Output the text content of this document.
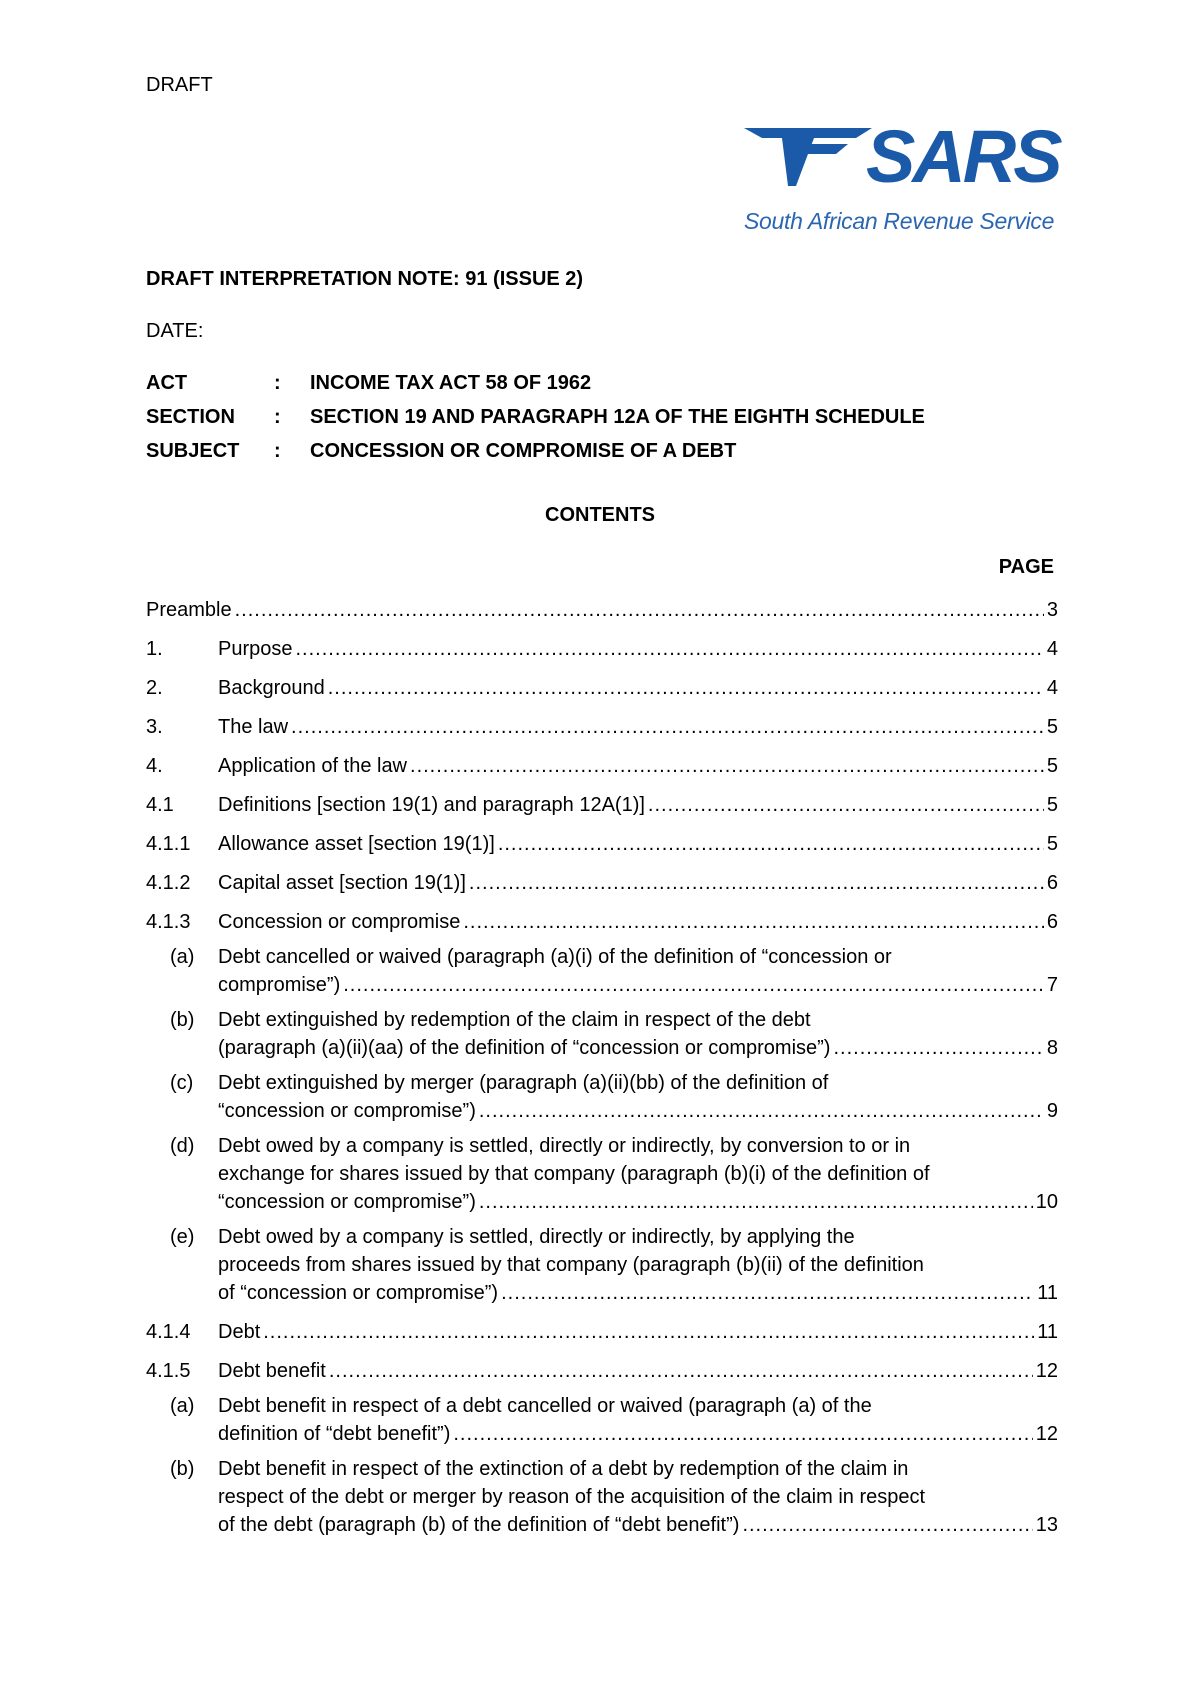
DRAFT
SARS
South African Revenue Service
DRAFT INTERPRETATION NOTE: 91 (ISSUE 2)
DATE:
ACT	: INCOME TAX ACT 58 OF 1962
SECTION : SECTION 19 AND PARAGRAPH 12A OF THE EIGHTH SCHEDULE
SUBJECT : CONCESSION OR COMPROMISE OF A DEBT
CONTENTS
PAGE
Preamble .....	3
1.	Purpose .....	4
2.	Background .....	4
3.	The law .....	5
4.	Application of the law .....	5
4.1 Definitions [section 19(1) and paragraph 12A(1)] .....	5
4.1.1 Allowance asset [section 19(1)] .....	5
4.1.2 Capital asset [section 19(1)] .....	6
4.1.3 Concession or compromise .....	6
(a) Debt cancelled or waived (paragraph (a)(i) of the definition of “concession or
compromise”) .....	7
(b) Debt extinguished by redemption of the claim in respect of the debt
(paragraph (a)(ii)(aa) of the definition of “concession or compromise”) .....	8
(c) Debt extinguished by merger (paragraph (a)(ii)(bb) of the definition of
“concession or compromise”) .....	9
(d) Debt owed by a company is settled, directly or indirectly, by conversion to or in
exchange for shares issued by that company (paragraph (b)(i) of the definition of
“concession or compromise”) .....	10
(e) Debt owed by a company is settled, directly or indirectly, by applying the
proceeds from shares issued by that company (paragraph (b)(ii) of the definition
of “concession or compromise”) .....	11
4.1.4 Debt .....	11
4.1.5 Debt benefit .....	12
(a) Debt benefit in respect of a debt cancelled or waived (paragraph (a) of the
definition of “debt benefit”) .....	12
(b) Debt benefit in respect of the extinction of a debt by redemption of the claim in
respect of the debt or merger by reason of the acquisition of the claim in respect
of the debt (paragraph (b) of the definition of “debt benefit”) .....	13
